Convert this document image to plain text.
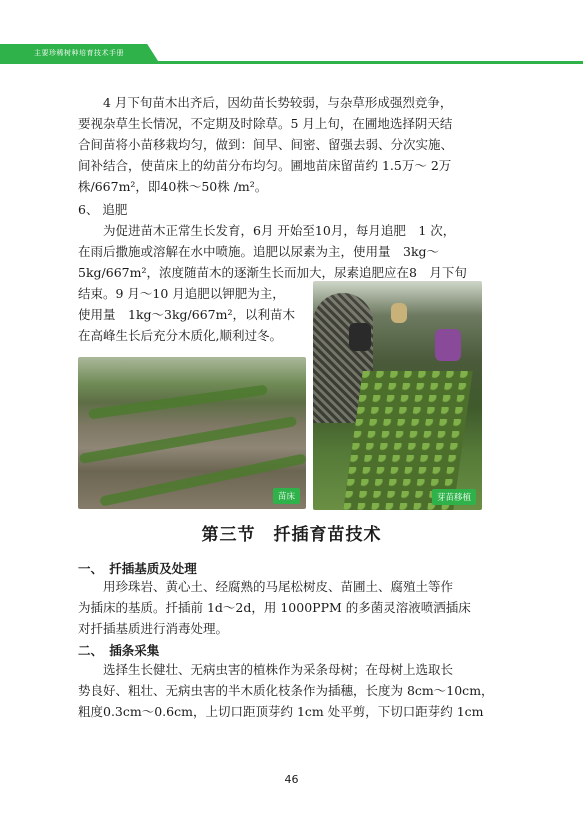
主要珍稀树种培育技术手册
4 月下旬苗木出齐后，因幼苗长势较弱，与杂草形成强烈竞争，
要视杂草生长情况，不定期及时除草。5 月上旬，在圃地选择阴天结
合间苗将小苗移栽均匀，做到：间早、间密、留强去弱、分次实施、
间补结合，使苗床上的幼苗分布均匀。圃地苗床留苗约 1.5万～ 2万
株/667m²，即40株～50株 /m²。
6、 追肥
为促进苗木正常生长发育，6月 开始至10月，每月追肥　1 次，
在雨后撒施或溶解在水中喷施。追肥以尿素为主，使用量　3kg～
5kg/667m²，浓度随苗木的逐渐生长而加大，尿素追肥应在8　月下旬
结束。9 月～10 月追肥以钾肥为主，
使用量　1kg～3kg/667m²，以利苗木
在高峰生长后充分木质化,顺利过冬。
苗床	芽苗移植
第三节　扦插育苗技术
一、　扦插基质及处理
用珍珠岩、黄心土、经腐熟的马尾松树皮、苗圃土、腐殖土等作
为插床的基质。扦插前 1d～2d，用 1000PPM 的多菌灵溶液喷洒插床
对扦插基质进行消毒处理。
二、　插条采集
选择生长健壮、无病虫害的植株作为采条母树；在母树上选取长
势良好、粗壮、无病虫害的半木质化枝条作为插穗，长度为 8cm～10cm，
粗度0.3cm～0.6cm，上切口距顶芽约 1cm 处平剪，下切口距芽约 1cm
46
